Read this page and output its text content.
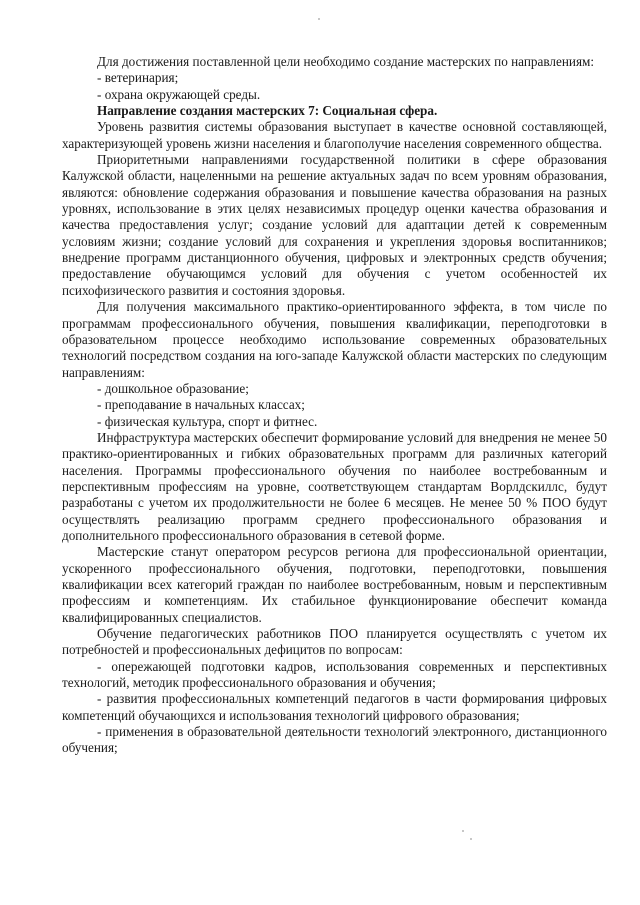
Для достижения поставленной цели необходимо создание мастерских по направлениям:

- ветеринария;

- охрана окружающей среды.

Направление создания мастерских 7: Социальная сфера.

Уровень развития системы образования выступает в качестве основной составляющей, характеризующей уровень жизни населения и благополучие населения современного общества.

Приоритетными направлениями государственной политики в сфере образования Калужской области, нацеленными на решение актуальных задач по всем уровням образования, являются: обновление содержания образования и повышение качества образования на разных уровнях, использование в этих целях независимых процедур оценки качества образования и качества предоставления услуг; создание условий для адаптации детей к современным условиям жизни; создание условий для сохранения и укрепления здоровья воспитанников; внедрение программ дистанционного обучения, цифровых и электронных средств обучения; предоставление обучающимся условий для обучения с учетом особенностей их психофизического развития и состояния здоровья.

Для получения максимального практико-ориентированного эффекта, в том числе по программам профессионального обучения, повышения квалификации, переподготовки в образовательном процессе необходимо использование современных образовательных технологий посредством создания на юго-западе Калужской области мастерских по следующим направлениям:

- дошкольное образование;

- преподавание в начальных классах;

- физическая культура, спорт и фитнес.

Инфраструктура мастерских обеспечит формирование условий для внедрения не менее 50 практико-ориентированных и гибких образовательных программ для различных категорий населения. Программы профессионального обучения по наиболее востребованным и перспективным профессиям на уровне, соответствующем стандартам Ворлдскиллс, будут разработаны с учетом их продолжительности не более 6 месяцев. Не менее 50 % ПОО будут осуществлять реализацию программ среднего профессионального образования и дополнительного профессионального образования в сетевой форме.

Мастерские станут оператором ресурсов региона для профессиональной ориентации, ускоренного профессионального обучения, подготовки, переподготовки, повышения квалификации всех категорий граждан по наиболее востребованным, новым и перспективным профессиям и компетенциям. Их стабильное функционирование обеспечит команда квалифицированных специалистов.

Обучение педагогических работников ПОО планируется осуществлять с учетом их потребностей и профессиональных дефицитов по вопросам:

- опережающей подготовки кадров, использования современных и перспективных технологий, методик профессионального образования и обучения;

- развития профессиональных компетенций педагогов в части формирования цифровых компетенций обучающихся и использования технологий цифрового образования;

- применения в образовательной деятельности технологий электронного, дистанционного обучения;
